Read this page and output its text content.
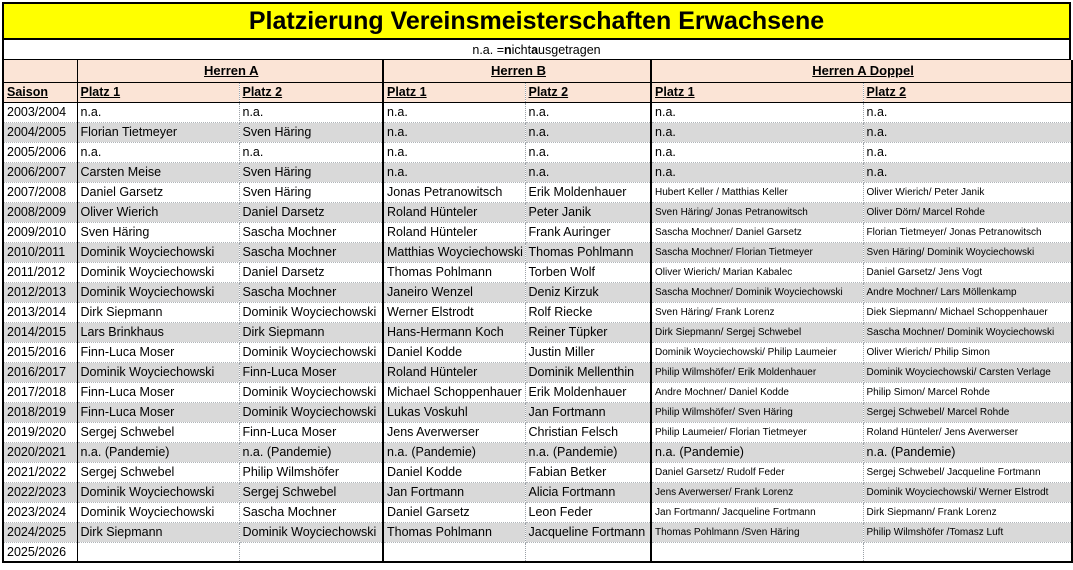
Platzierung Vereinsmeisterschaften Erwachsene
n.a. = n icht a usgetragen
	Herren A		Herren B		Herren A Doppel	
Saison	Platz 1	Platz 2	Platz 1	Platz 2	Platz 1	Platz 2
2003/2004	n.a.	n.a.	n.a.	n.a.	n.a.	n.a.
2004/2005	Florian Tietmeyer	Sven Häring	n.a.	n.a.	n.a.	n.a.
2005/2006	n.a.	n.a.	n.a.	n.a.	n.a.	n.a.
2006/2007	Carsten Meise	Sven Häring	n.a.	n.a.	n.a.	n.a.
2007/2008	Daniel Garsetz	Sven Häring	Jonas Petranowitsch	Erik Moldenhauer	Hubert Keller / Matthias Keller	Oliver Wierich/ Peter Janik
2008/2009	Oliver Wierich	Daniel Darsetz	Roland Hünteler	Peter Janik	Sven Häring/ Jonas Petranowitsch	Oliver Dörn/ Marcel Rohde
2009/2010	Sven Häring	Sascha Mochner	Roland Hünteler	Frank Auringer	Sascha Mochner/ Daniel Garsetz	Florian Tietmeyer/ Jonas Petranowitsch
2010/2011	Dominik Woyciechowski	Sascha Mochner	Matthias Woyciechowski	Thomas Pohlmann	Sascha Mochner/ Florian Tietmeyer	Sven Häring/ Dominik Woyciechowski
2011/2012	Dominik Woyciechowski	Daniel Darsetz	Thomas Pohlmann	Torben Wolf	Oliver Wierich/ Marian Kabalec	Daniel Garsetz/ Jens Vogt
2012/2013	Dominik Woyciechowski	Sascha Mochner	Janeiro Wenzel	Deniz Kirzuk	Sascha Mochner/ Dominik Woyciechowski	Andre Mochner/ Lars Möllenkamp
2013/2014	Dirk Siepmann	Dominik Woyciechowski	Werner Elstrodt	Rolf Riecke	Sven Häring/ Frank Lorenz	Diek Siepmann/ Michael Schoppenhauer
2014/2015	Lars Brinkhaus	Dirk Siepmann	Hans-Hermann Koch	Reiner Tüpker	Dirk Siepmann/ Sergej Schwebel	Sascha Mochner/ Dominik Woyciechowski
2015/2016	Finn-Luca Moser	Dominik Woyciechowski	Daniel Kodde	Justin Miller	Dominik Woyciechowski/ Philip Laumeier	Oliver Wierich/ Philip Simon
2016/2017	Dominik Woyciechowski	Finn-Luca Moser	Roland Hünteler	Dominik Mellenthin	Philip Wilmshöfer/ Erik Moldenhauer	Dominik Woyciechowski/ Carsten Verlage
2017/2018	Finn-Luca Moser	Dominik Woyciechowski	Michael Schoppenhauer	Erik Moldenhauer	Andre Mochner/ Daniel Kodde	Philip Simon/ Marcel Rohde
2018/2019	Finn-Luca Moser	Dominik Woyciechowski	Lukas Voskuhl	Jan Fortmann	Philip Wilmshöfer/ Sven Häring	Sergej Schwebel/ Marcel Rohde
2019/2020	Sergej Schwebel	Finn-Luca Moser	Jens Averwerser	Christian Felsch	Philip Laumeier/ Florian Tietmeyer	Roland Hünteler/ Jens Averwerser
2020/2021	n.a. (Pandemie)	n.a. (Pandemie)	n.a. (Pandemie)	n.a. (Pandemie)	n.a. (Pandemie)	n.a. (Pandemie)
2021/2022	Sergej Schwebel	Philip Wilmshöfer	Daniel Kodde	Fabian Betker	Daniel Garsetz/ Rudolf Feder	Sergej Schwebel/ Jacqueline Fortmann
2022/2023	Dominik Woyciechowski	Sergej Schwebel	Jan Fortmann	Alicia Fortmann	Jens Averwerser/ Frank Lorenz	Dominik Woyciechowski/ Werner Elstrodt
2023/2024	Dominik Woyciechowski	Sascha Mochner	Daniel Garsetz	Leon Feder	Jan Fortmann/ Jacqueline Fortmann	Dirk Siepmann/ Frank Lorenz
2024/2025	Dirk Siepmann	Dominik Woyciechowski	Thomas Pohlmann	Jacqueline Fortmann	Thomas Pohlmann /Sven Häring	Philip Wilmshöfer /Tomasz Luft
2025/2026						
